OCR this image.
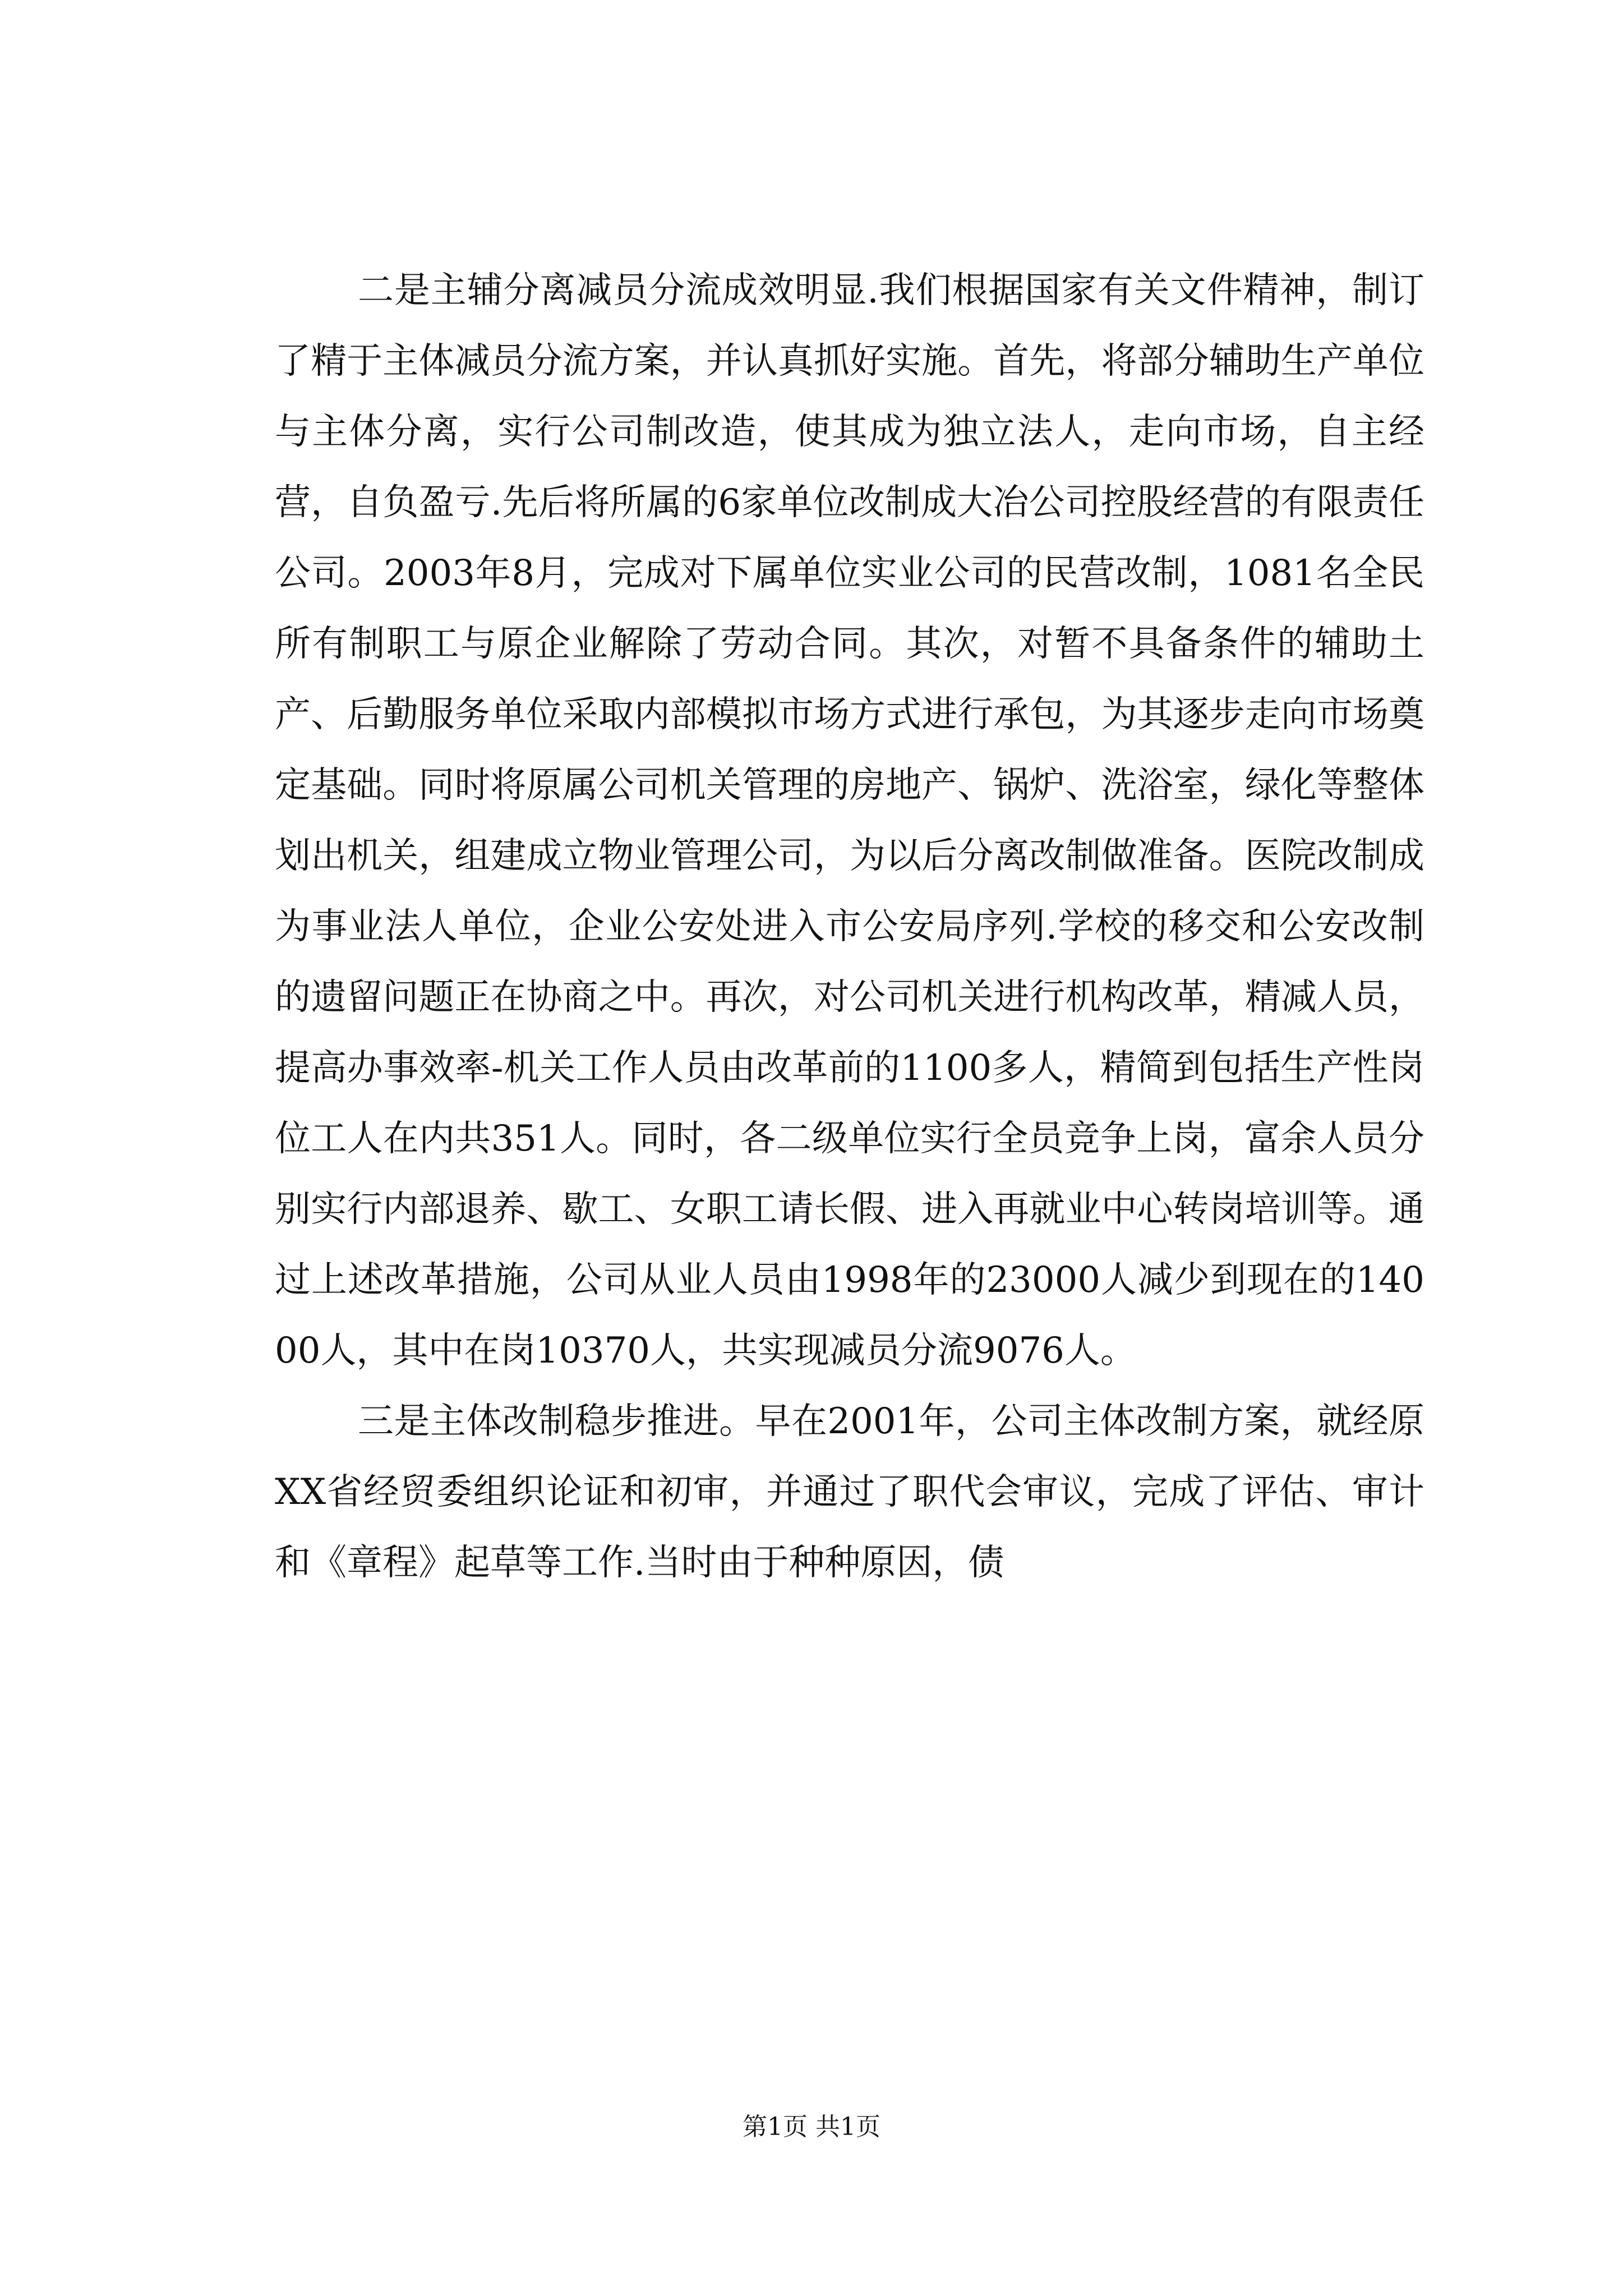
二是主辅分离减员分流成效明显.我们根据国家有关文件精神，制订了精于主体减员分流方案，并认真抓好实施。首先，将部分辅助生产单位与主体分离，实行公司制改造，使其成为独立法人，走向市场，自主经营，自负盈亏.先后将所属的6家单位改制成大冶公司控股经营的有限责任公司。2003年8月，完成对下属单位实业公司的民营改制，1081名全民所有制职工与原企业解除了劳动合同。其次，对暂不具备条件的辅助土产、后勤服务单位采取内部模拟市场方式进行承包，为其逐步走向市场奠定基础。同时将原属公司机关管理的房地产、锅炉、洗浴室，绿化等整体划出机关，组建成立物业管理公司，为以后分离改制做准备。医院改制成为事业法人单位，企业公安处进入市公安局序列.学校的移交和公安改制的遗留问题正在协商之中。再次，对公司机关进行机构改革，精减人员，提高办事效率-机关工作人员由改革前的1100多人，精简到包括生产性岗位工人在内共351人。同时，各二级单位实行全员竞争上岗，富余人员分别实行内部退养、歇工、女职工请长假、进入再就业中心转岗培训等。通过上述改革措施，公司从业人员由1998年的23000人减少到现在的14000人，其中在岗10370人，共实现减员分流9076人。

三是主体改制稳步推进。早在2001年，公司主体改制方案，就经原XX省经贸委组织论证和初审，并通过了职代会审议，完成了评估、审计和《章程》起草等工作.当时由于种种原因，债

第1页 共1页
